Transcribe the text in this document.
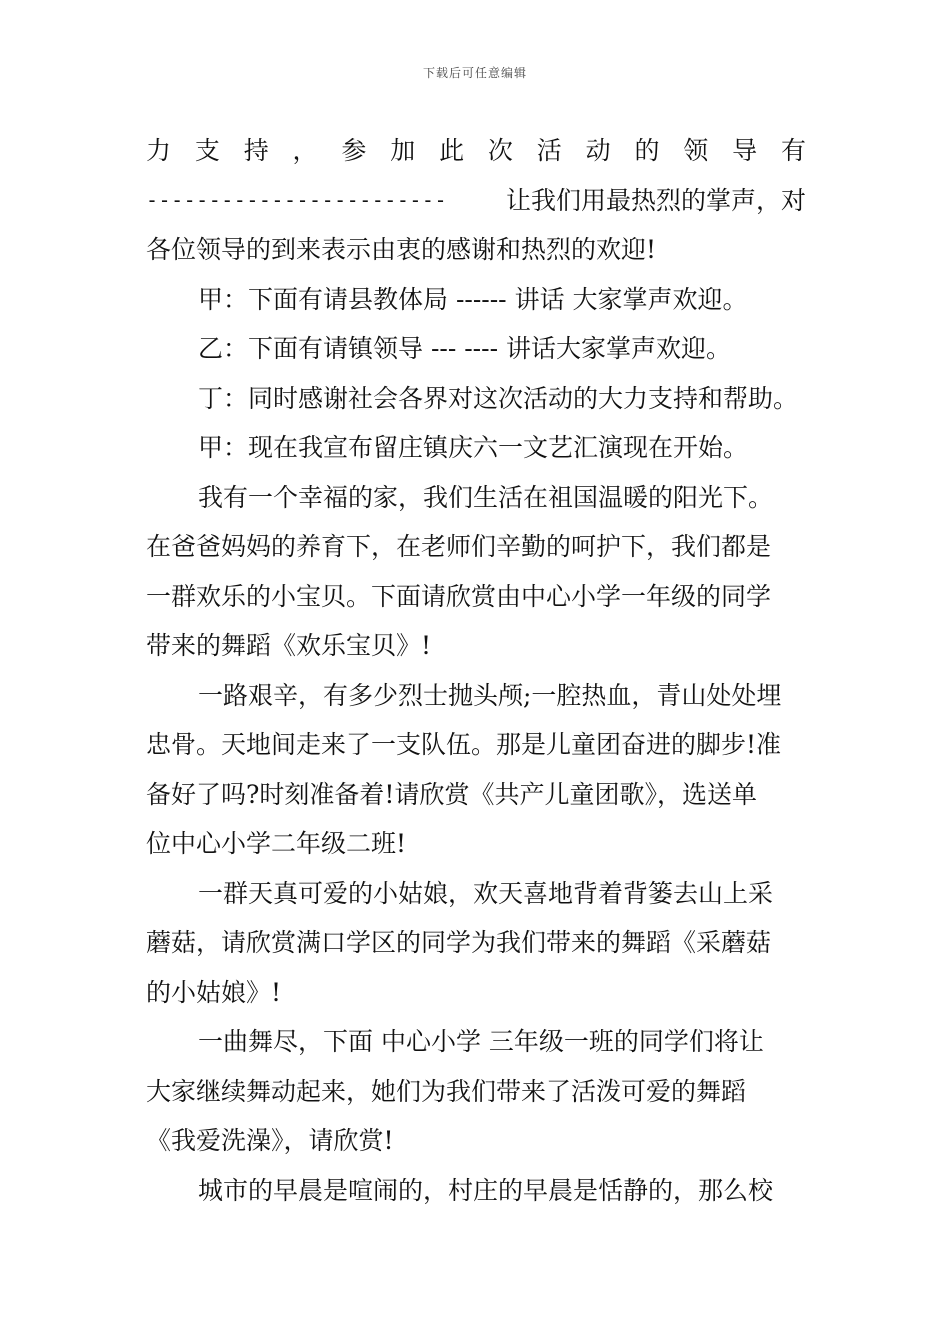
下载后可任意编辑
力 支 持 ， 参 加 此 次 活 动 的 领 导 有
------------------------ 让我们用最热烈的掌声，对
各位领导的到来表示由衷的感谢和热烈的欢迎!
甲：下面有请县教体局 ------ 讲话 大家掌声欢迎。
乙：下面有请镇领导 --- ---- 讲话大家掌声欢迎。
丁：同时感谢社会各界对这次活动的大力支持和帮助。
甲：现在我宣布留庄镇庆六一文艺汇演现在开始。
我有一个幸福的家，我们生活在祖国温暖的阳光下。
在爸爸妈妈的养育下，在老师们辛勤的呵护下，我们都是
一群欢乐的小宝贝。下面请欣赏由中心小学一年级的同学
带来的舞蹈《欢乐宝贝》!
一路艰辛，有多少烈士抛头颅;一腔热血，青山处处埋
忠骨。天地间走来了一支队伍。那是儿童团奋进的脚步!准
备好了吗?时刻准备着!请欣赏《共产儿童团歌》，选送单
位中心小学二年级二班!
一群天真可爱的小姑娘，欢天喜地背着背篓去山上采
蘑菇，请欣赏满口学区的同学为我们带来的舞蹈《采蘑菇
的小姑娘》!
一曲舞尽，下面 中心小学 三年级一班的同学们将让
大家继续舞动起来，她们为我们带来了活泼可爱的舞蹈
《我爱洗澡》，请欣赏!
城市的早晨是喧闹的，村庄的早晨是恬静的，那么校
